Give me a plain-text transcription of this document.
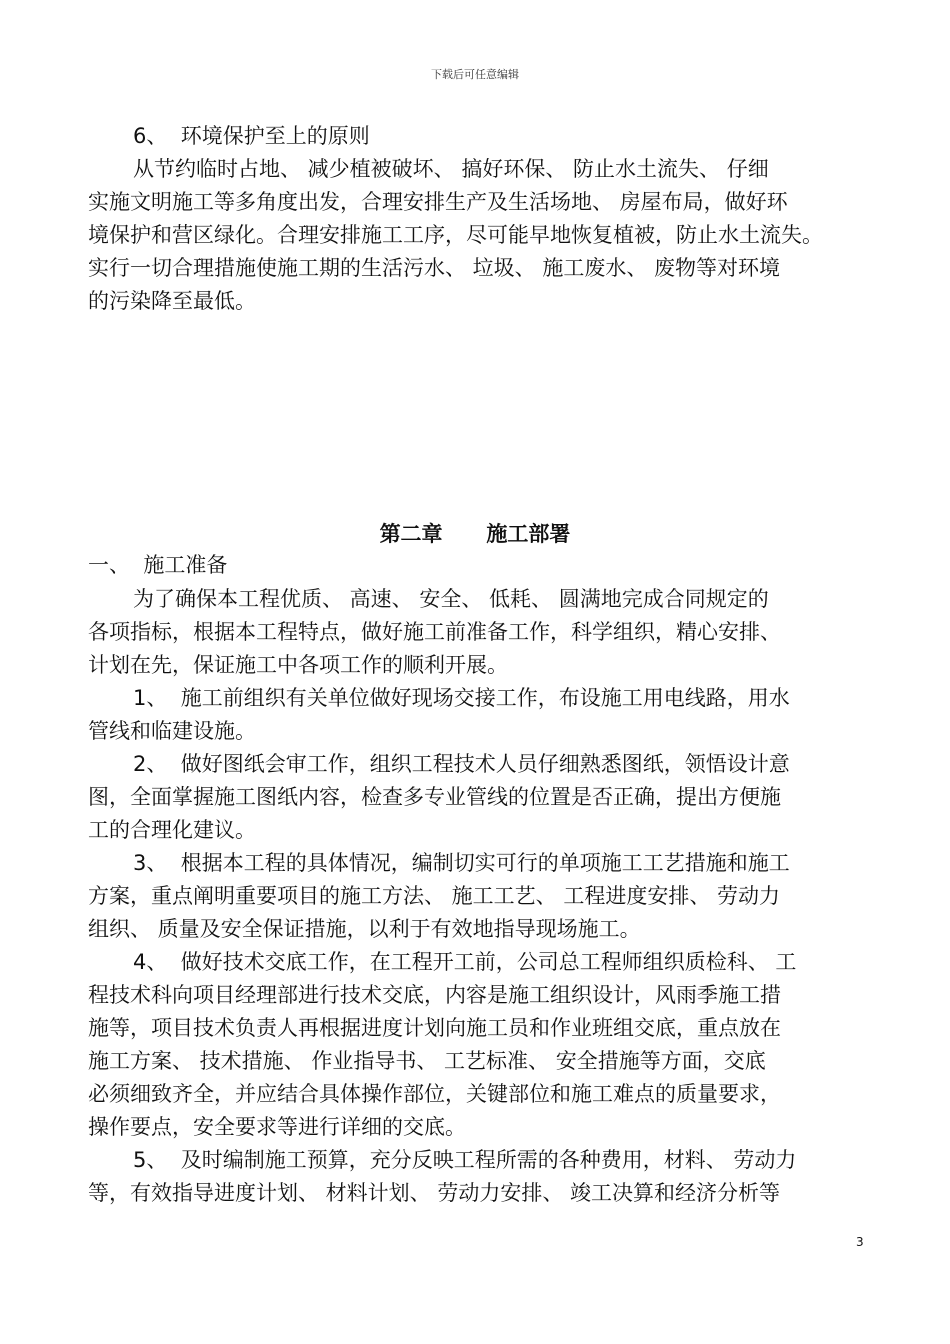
下载后可任意编辑
6、  环境保护至上的原则
从节约临时占地、 减少植被破坏、 搞好环保、 防止水土流失、 仔细
实施文明施工等多角度出发，合理安排生产及生活场地、 房屋布局，做好环
境保护和营区绿化。合理安排施工工序，尽可能早地恢复植被，防止水土流失。
实行一切合理措施使施工期的生活污水、 垃圾、 施工废水、 废物等对环境
的污染降至最低。
第二章      施工部署
一、  施工准备
为了确保本工程优质、 高速、 安全、 低耗、 圆满地完成合同规定的
各项指标，根据本工程特点，做好施工前准备工作，科学组织，精心安排、
计划在先，保证施工中各项工作的顺利开展。
1、  施工前组织有关单位做好现场交接工作，布设施工用电线路，用水
管线和临建设施。
2、  做好图纸会审工作，组织工程技术人员仔细熟悉图纸，领悟设计意
图，全面掌握施工图纸内容，检查多专业管线的位置是否正确，提出方便施
工的合理化建议。
3、  根据本工程的具体情况，编制切实可行的单项施工工艺措施和施工
方案，重点阐明重要项目的施工方法、 施工工艺、 工程进度安排、 劳动力
组织、 质量及安全保证措施，以利于有效地指导现场施工。
4、  做好技术交底工作，在工程开工前，公司总工程师组织质检科、 工
程技术科向项目经理部进行技术交底，内容是施工组织设计，风雨季施工措
施等，项目技术负责人再根据进度计划向施工员和作业班组交底，重点放在
施工方案、 技术措施、 作业指导书、 工艺标准、 安全措施等方面，交底
必须细致齐全，并应结合具体操作部位，关键部位和施工难点的质量要求，
操作要点，安全要求等进行详细的交底。
5、  及时编制施工预算，充分反映工程所需的各种费用，材料、 劳动力
等，有效指导进度计划、 材料计划、 劳动力安排、 竣工决算和经济分析等
3
